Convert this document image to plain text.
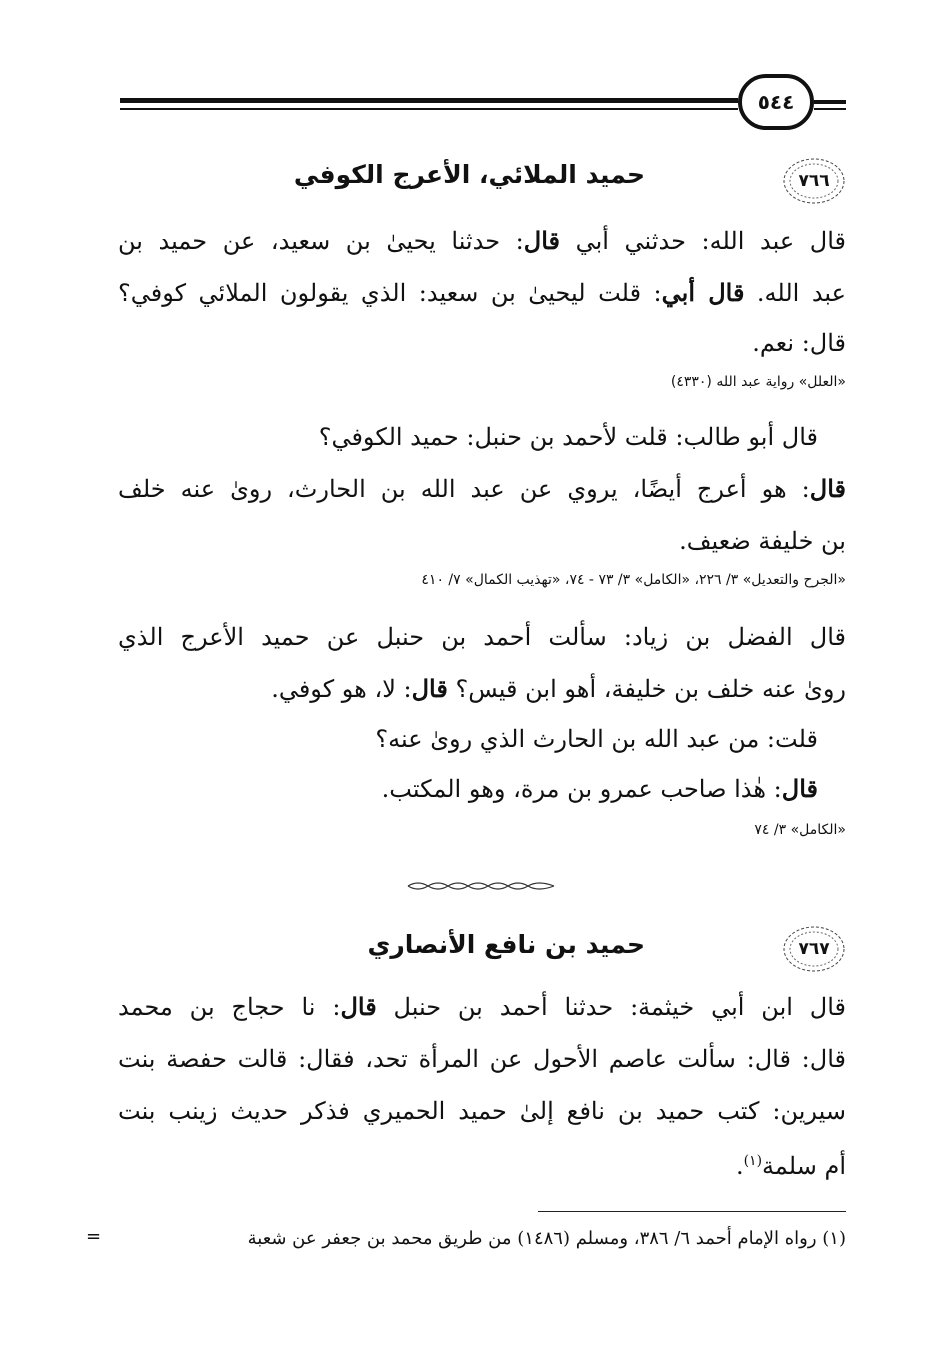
٥٤٤
٧٦٦
حميد الملائي، الأعرج الكوفي
قال عبد الله: حدثني أبي قال: حدثنا يحيىٰ بن سعيد، عن حميد بن
عبد الله. قال أبي: قلت ليحيىٰ بن سعيد: الذي يقولون الملائي كوفي؟
قال: نعم.
«العلل» رواية عبد الله (٤٣٣٠)
قال أبو طالب: قلت لأحمد بن حنبل: حميد الكوفي؟
قال: هو أعرج أيضًا، يروي عن عبد الله بن الحارث، روىٰ عنه خلف
بن خليفة ضعيف.
«الجرح والتعديل» ٣/ ٢٢٦، «الكامل» ٣/ ٧٣ - ٧٤، «تهذيب الكمال» ٧/ ٤١٠
قال الفضل بن زياد: سألت أحمد بن حنبل عن حميد الأعرج الذي
روىٰ عنه خلف بن خليفة، أهو ابن قيس؟ قال: لا، هو كوفي.
قلت: من عبد الله بن الحارث الذي روىٰ عنه؟
قال: هٰذا صاحب عمرو بن مرة، وهو المكتب.
«الكامل» ٣/ ٧٤
٧٦٧
حميد بن نافع الأنصاري
قال ابن أبي خيثمة: حدثنا أحمد بن حنبل قال: نا حجاج بن محمد
قال: قال: سألت عاصم الأحول عن المرأة تحد، فقال: قالت حفصة بنت
سيرين: كتب حميد بن نافع إلىٰ حميد الحميري فذكر حديث زينب بنت
أم سلمة$^{(١)}$.
(١) رواه الإمام أحمد ٦/ ٣٨٦، ومسلم (١٤٨٦) من طريق محمد بن جعفر عن شعبة
=
